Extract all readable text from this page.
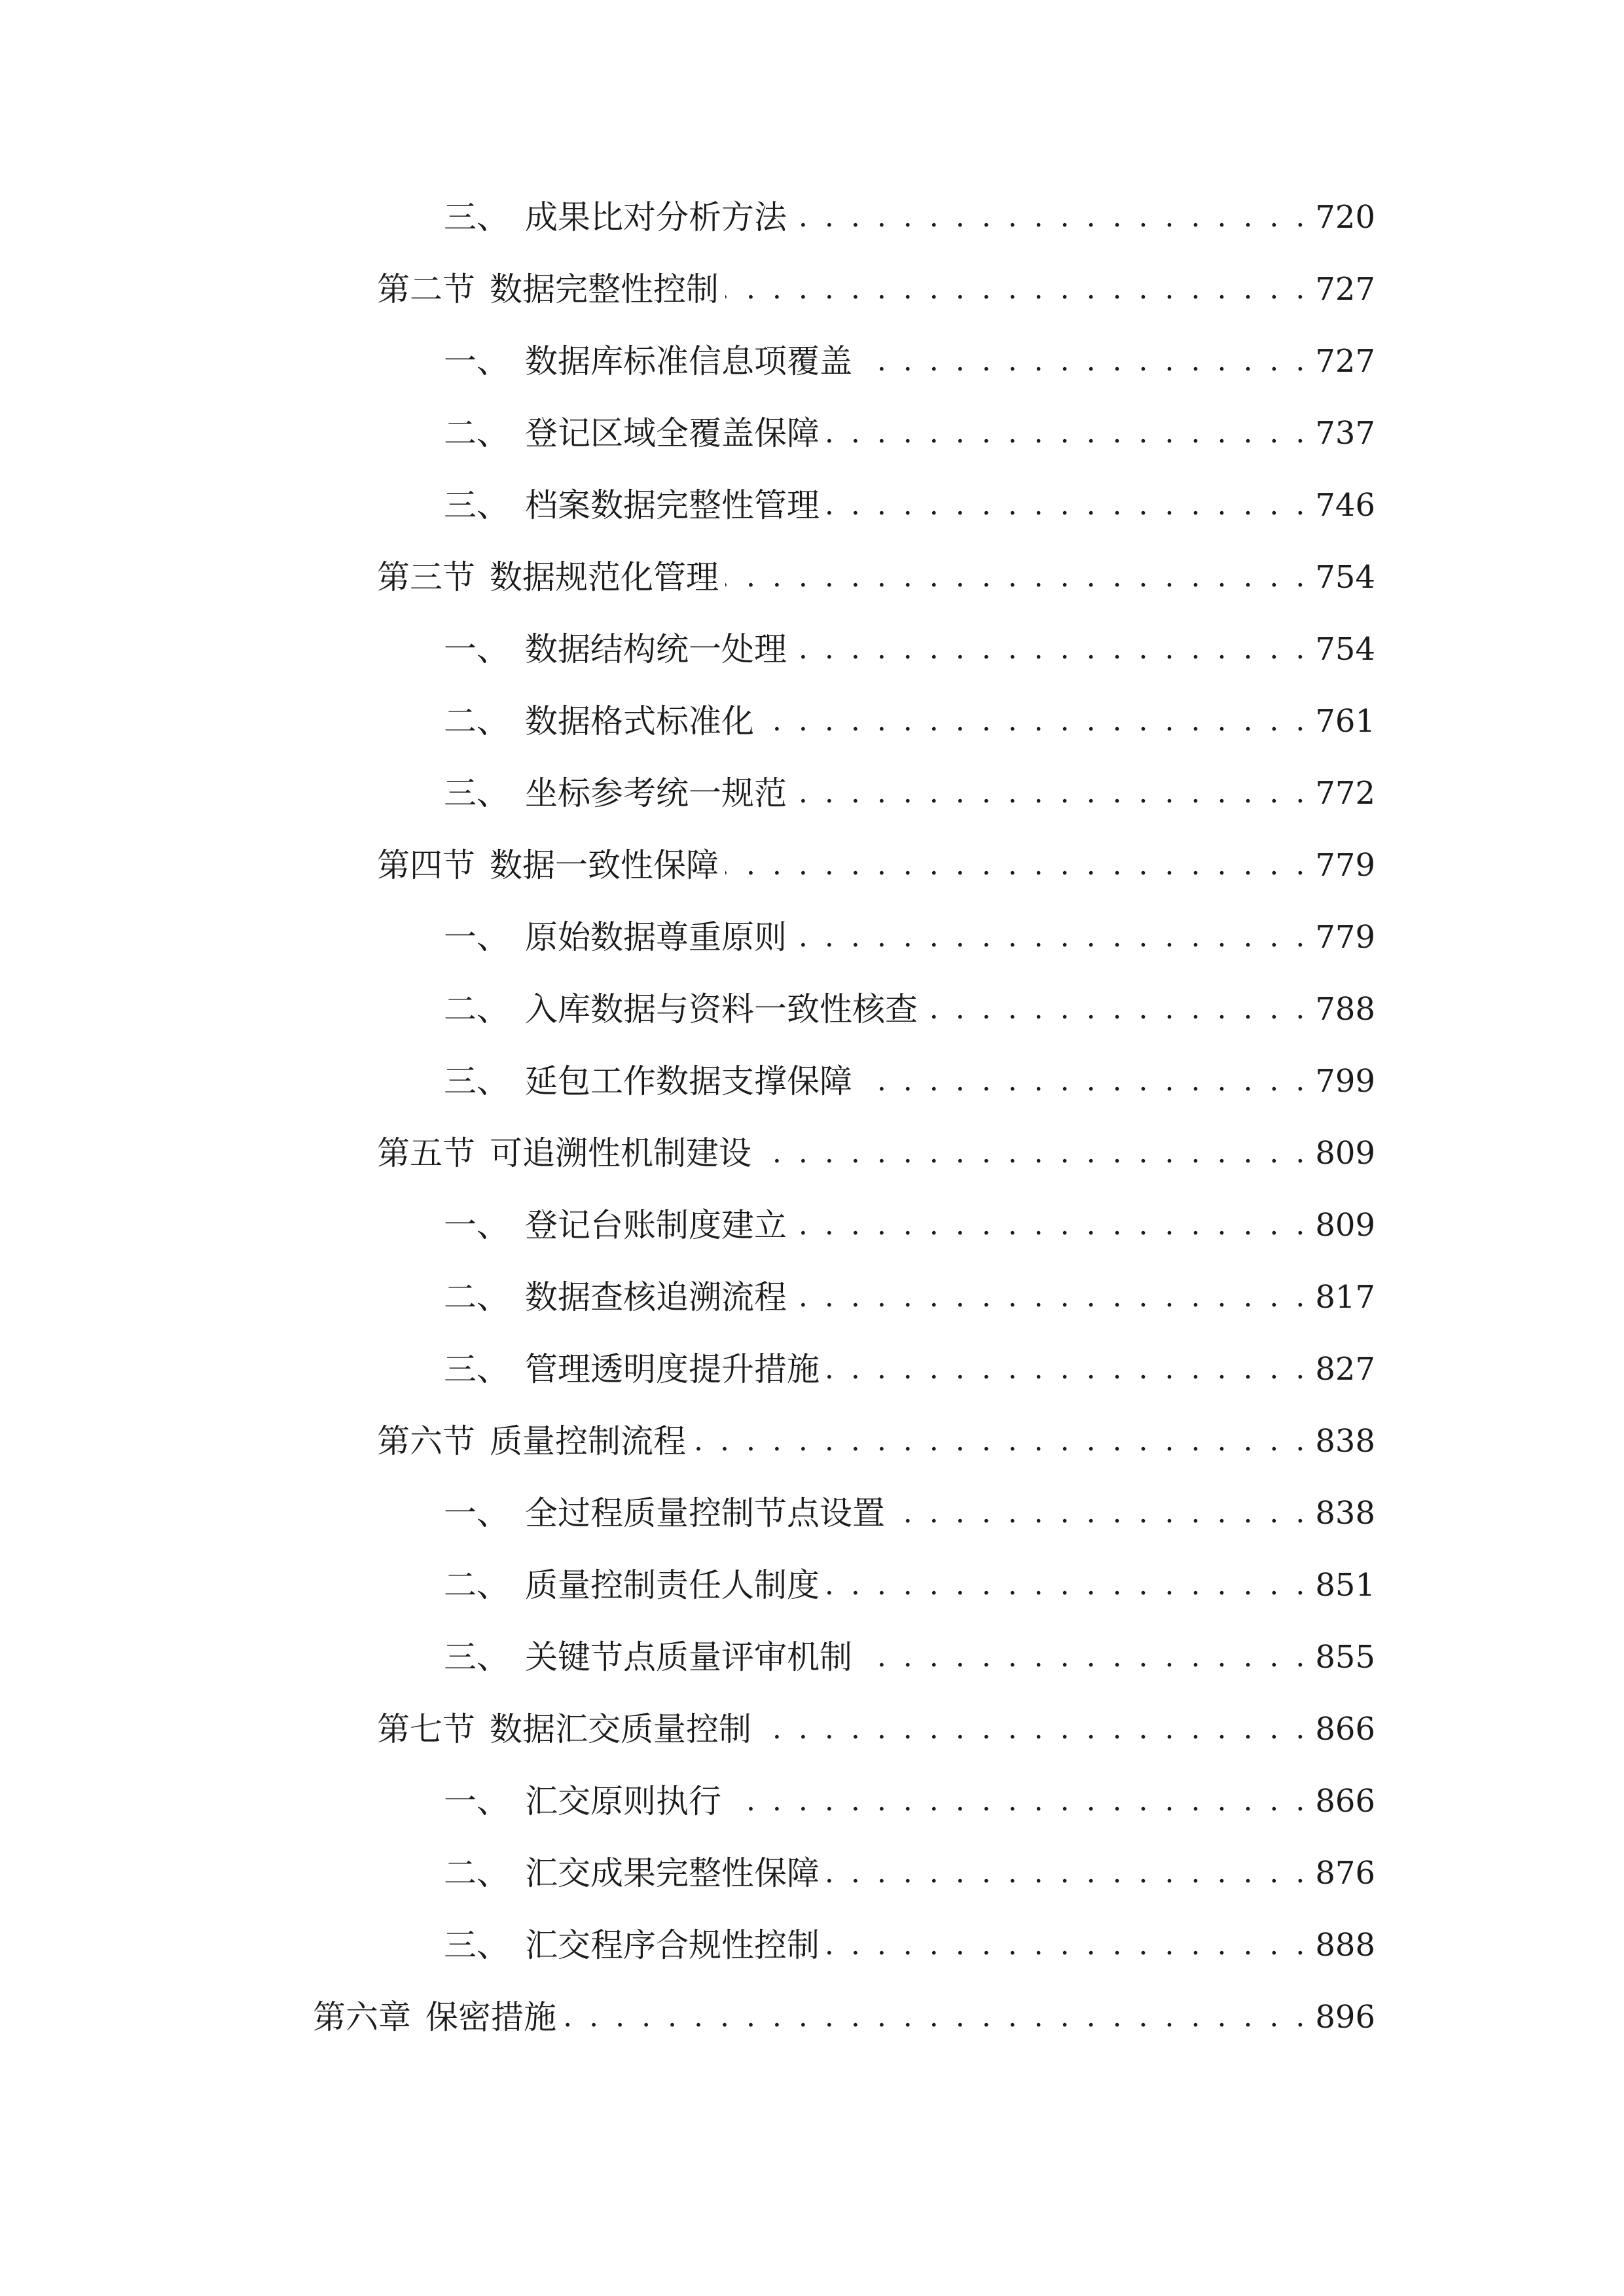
三、 成果比对分析方法 . . .	720
第二节 数据完整性控制 . . .	727
一、 数据库标准信息项覆盖 . . .	727
二、 登记区域全覆盖保障 . . .	737
三、 档案数据完整性管理 . . .	746
第三节 数据规范化管理 . . .	754
一、 数据结构统一处理 . . .	754
二、 数据格式标准化 . . .	761
三、 坐标参考统一规范 . . .	772
第四节 数据一致性保障 . . .	779
一、 原始数据尊重原则 . . .	779
二、 入库数据与资料一致性核查 . . .	788
三、 延包工作数据支撑保障 . . .	799
第五节 可追溯性机制建设 . . .	809
一、 登记台账制度建立 . . .	809
二、 数据查核追溯流程 . . .	817
三、 管理透明度提升措施 . . .	827
第六节 质量控制流程 . . .	838
一、 全过程质量控制节点设置 . . .	838
二、 质量控制责任人制度 . . .	851
三、 关键节点质量评审机制 . . .	855
第七节 数据汇交质量控制 . . .	866
一、 汇交原则执行 . . .	866
二、 汇交成果完整性保障 . . .	876
三、 汇交程序合规性控制 . . .	888
第六章 保密措施 . . .	896
